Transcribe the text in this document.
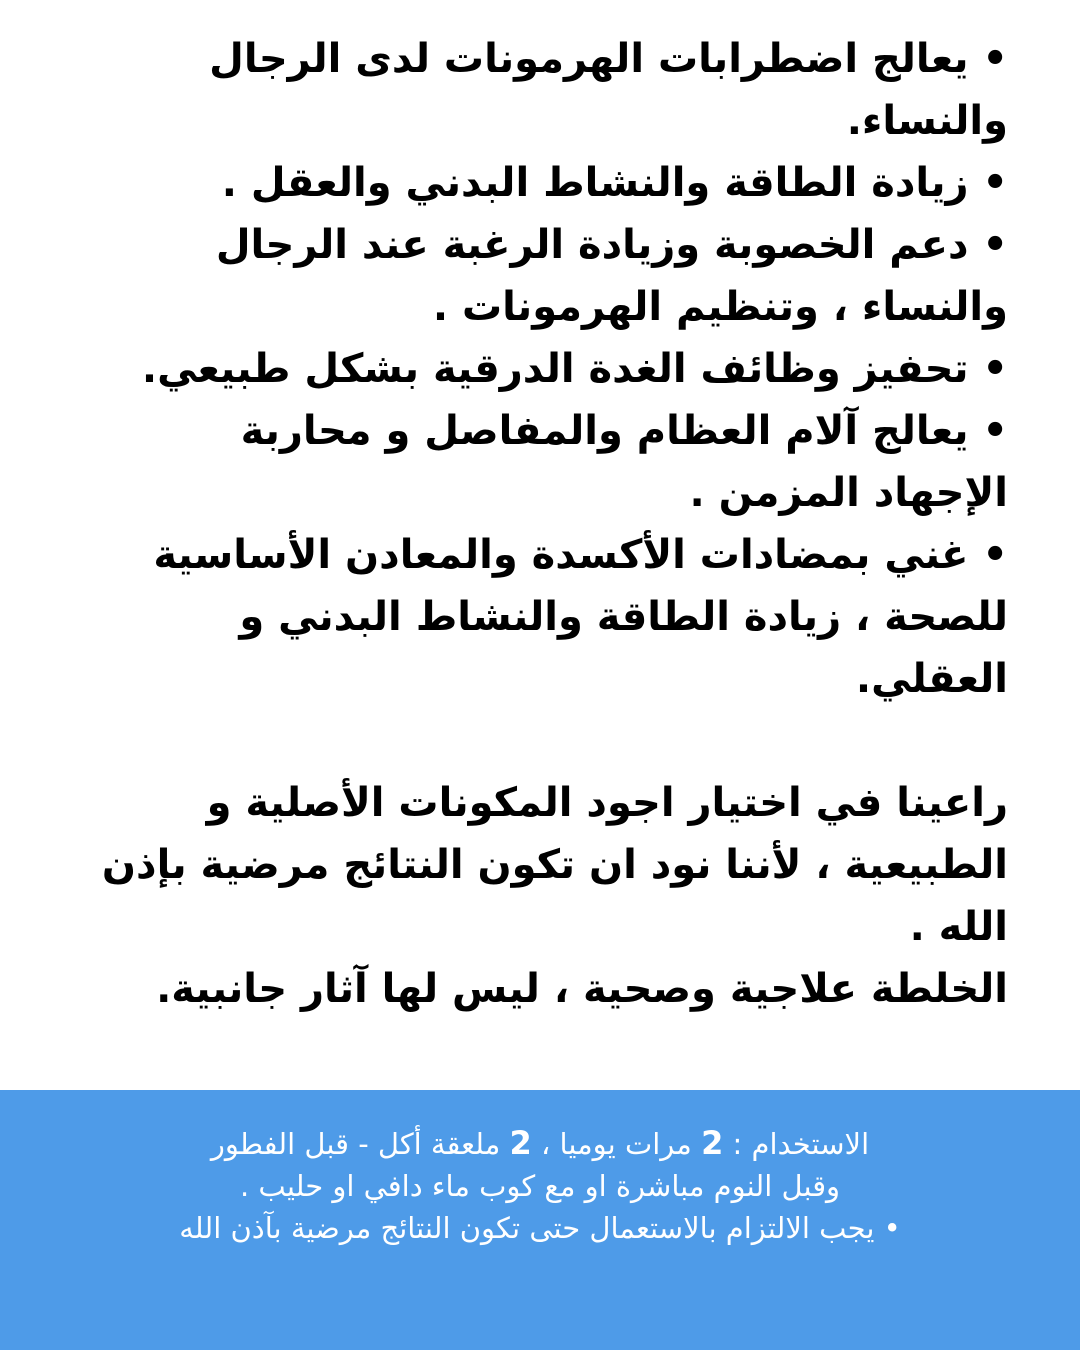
• يعالج اضطرابات الهرمونات لدى الرجال والنساء.

• زيادة الطاقة والنشاط البدني والعقل .

• دعم الخصوبة وزيادة الرغبة عند الرجال والنساء ، وتنظيم الهرمونات .

• تحفيز وظائف الغدة الدرقية بشكل طبيعي.

• يعالج آلام العظام والمفاصل و محاربة الإجهاد المزمن .

• غني بمضادات الأكسدة والمعادن الأساسية للصحة ، زيادة الطاقة والنشاط البدني و العقلي.

راعينا في اختيار اجود المكونات الأصلية و الطبيعية ، لأننا نود ان تكون النتائج مرضية بإذن الله .

الخلطة علاجية وصحية ، ليس لها آثار جانبية.

الاستخدام : 2 مرات يوميا ، 2 ملعقة أكل - قبل الفطور

وقبل النوم مباشرة او مع كوب ماء دافي او حليب .

• يجب الالتزام بالاستعمال حتى تكون النتائج مرضية بآذن الله
